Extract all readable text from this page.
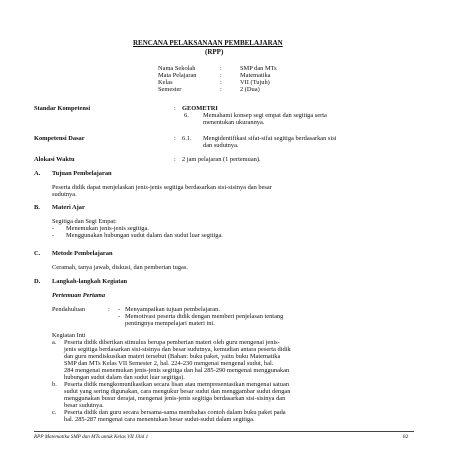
RENCANA PELAKSANAAN PEMBELAJARAN
(RPP)
Nama Sekolah	:	SMP dan MTs
Mata Pelajaran	:	Matematika
Kelas	:	VII (Tujuh)
Semester	:	2 (Dua)
Standar Kompetensi	: GEOMETRI
6. Memahami konsep segi empat dan segitiga serta
menentukan ukurannya.
Kompetensi Dasar	: 6.1. Mengidentifikasi sifat-sifat segitiga berdasarkan sisi
dan sudutnya.
Alokasi Waktu	: 2 jam pelajaran (1 pertemuan).
A. Tujuan Pembelajaran
Peserta didik dapat menjelaskan jenis-jenis segitiga berdasarkan sisi-sisinya dan besar
sudutnya.
B. Materi Ajar
Segitiga dan Segi Empat:
- Menemukan jenis-jenis segitiga.
- Menggunakan hubungan sudut dalam dan sudut luar segitiga.
C. Metode Pembelajaran
Ceramah, tanya jawab, diskusi, dan pemberian tugas.
D. Langkah-langkah Kegiatan
Pertemuan Pertama
Pendahuluan	: - Menyampaikan tujuan pembelajaran.
- Memotivasi peserta didik dengan memberi penjelasan tentang
pentingnya mempelajari materi ini.
Kegiatan Inti
a. Peserta didik diberikan stimulus berupa pemberian materi oleh guru mengenai jenis-
jenis segitiga berdasarkan sisi-sisinya dan besar sudutnya, kemudian antara peserta didik
dan guru mendiskusikan materi tersebut (Bahan: buku paket, yaitu buku Matematika
SMP dan MTs Kelas VII Semester 2, hal. 224-230 mengenai mengenal sudut, hal.
284 mengenai menemukan jenis-jenis segitiga dan hal 285-290 mengenai menggunakan
hubungan sudut dalam dan sudut luar segitiga).
b. Peserta didik mengkomunikasikan secara lisan atau mempresentasikan mengenai satuan
sudut yang sering digunakan, cara mengukur besar sudut dan menggambar sudut dengan
menggunakan busur derajat, mengenai jenis-jenis segitiga berdasarkan sisi-sisinya dan
besar sudutnya.
c. Peserta didik dan guru secara bersama-sama membahas contoh dalam buku paket pada
hal. 285-287 mengenai cara menentukan besar sudut-sudut dalam segitiga.
RPP Matematika SMP dan MTs untuk Kelas VII Jilid 1	82
